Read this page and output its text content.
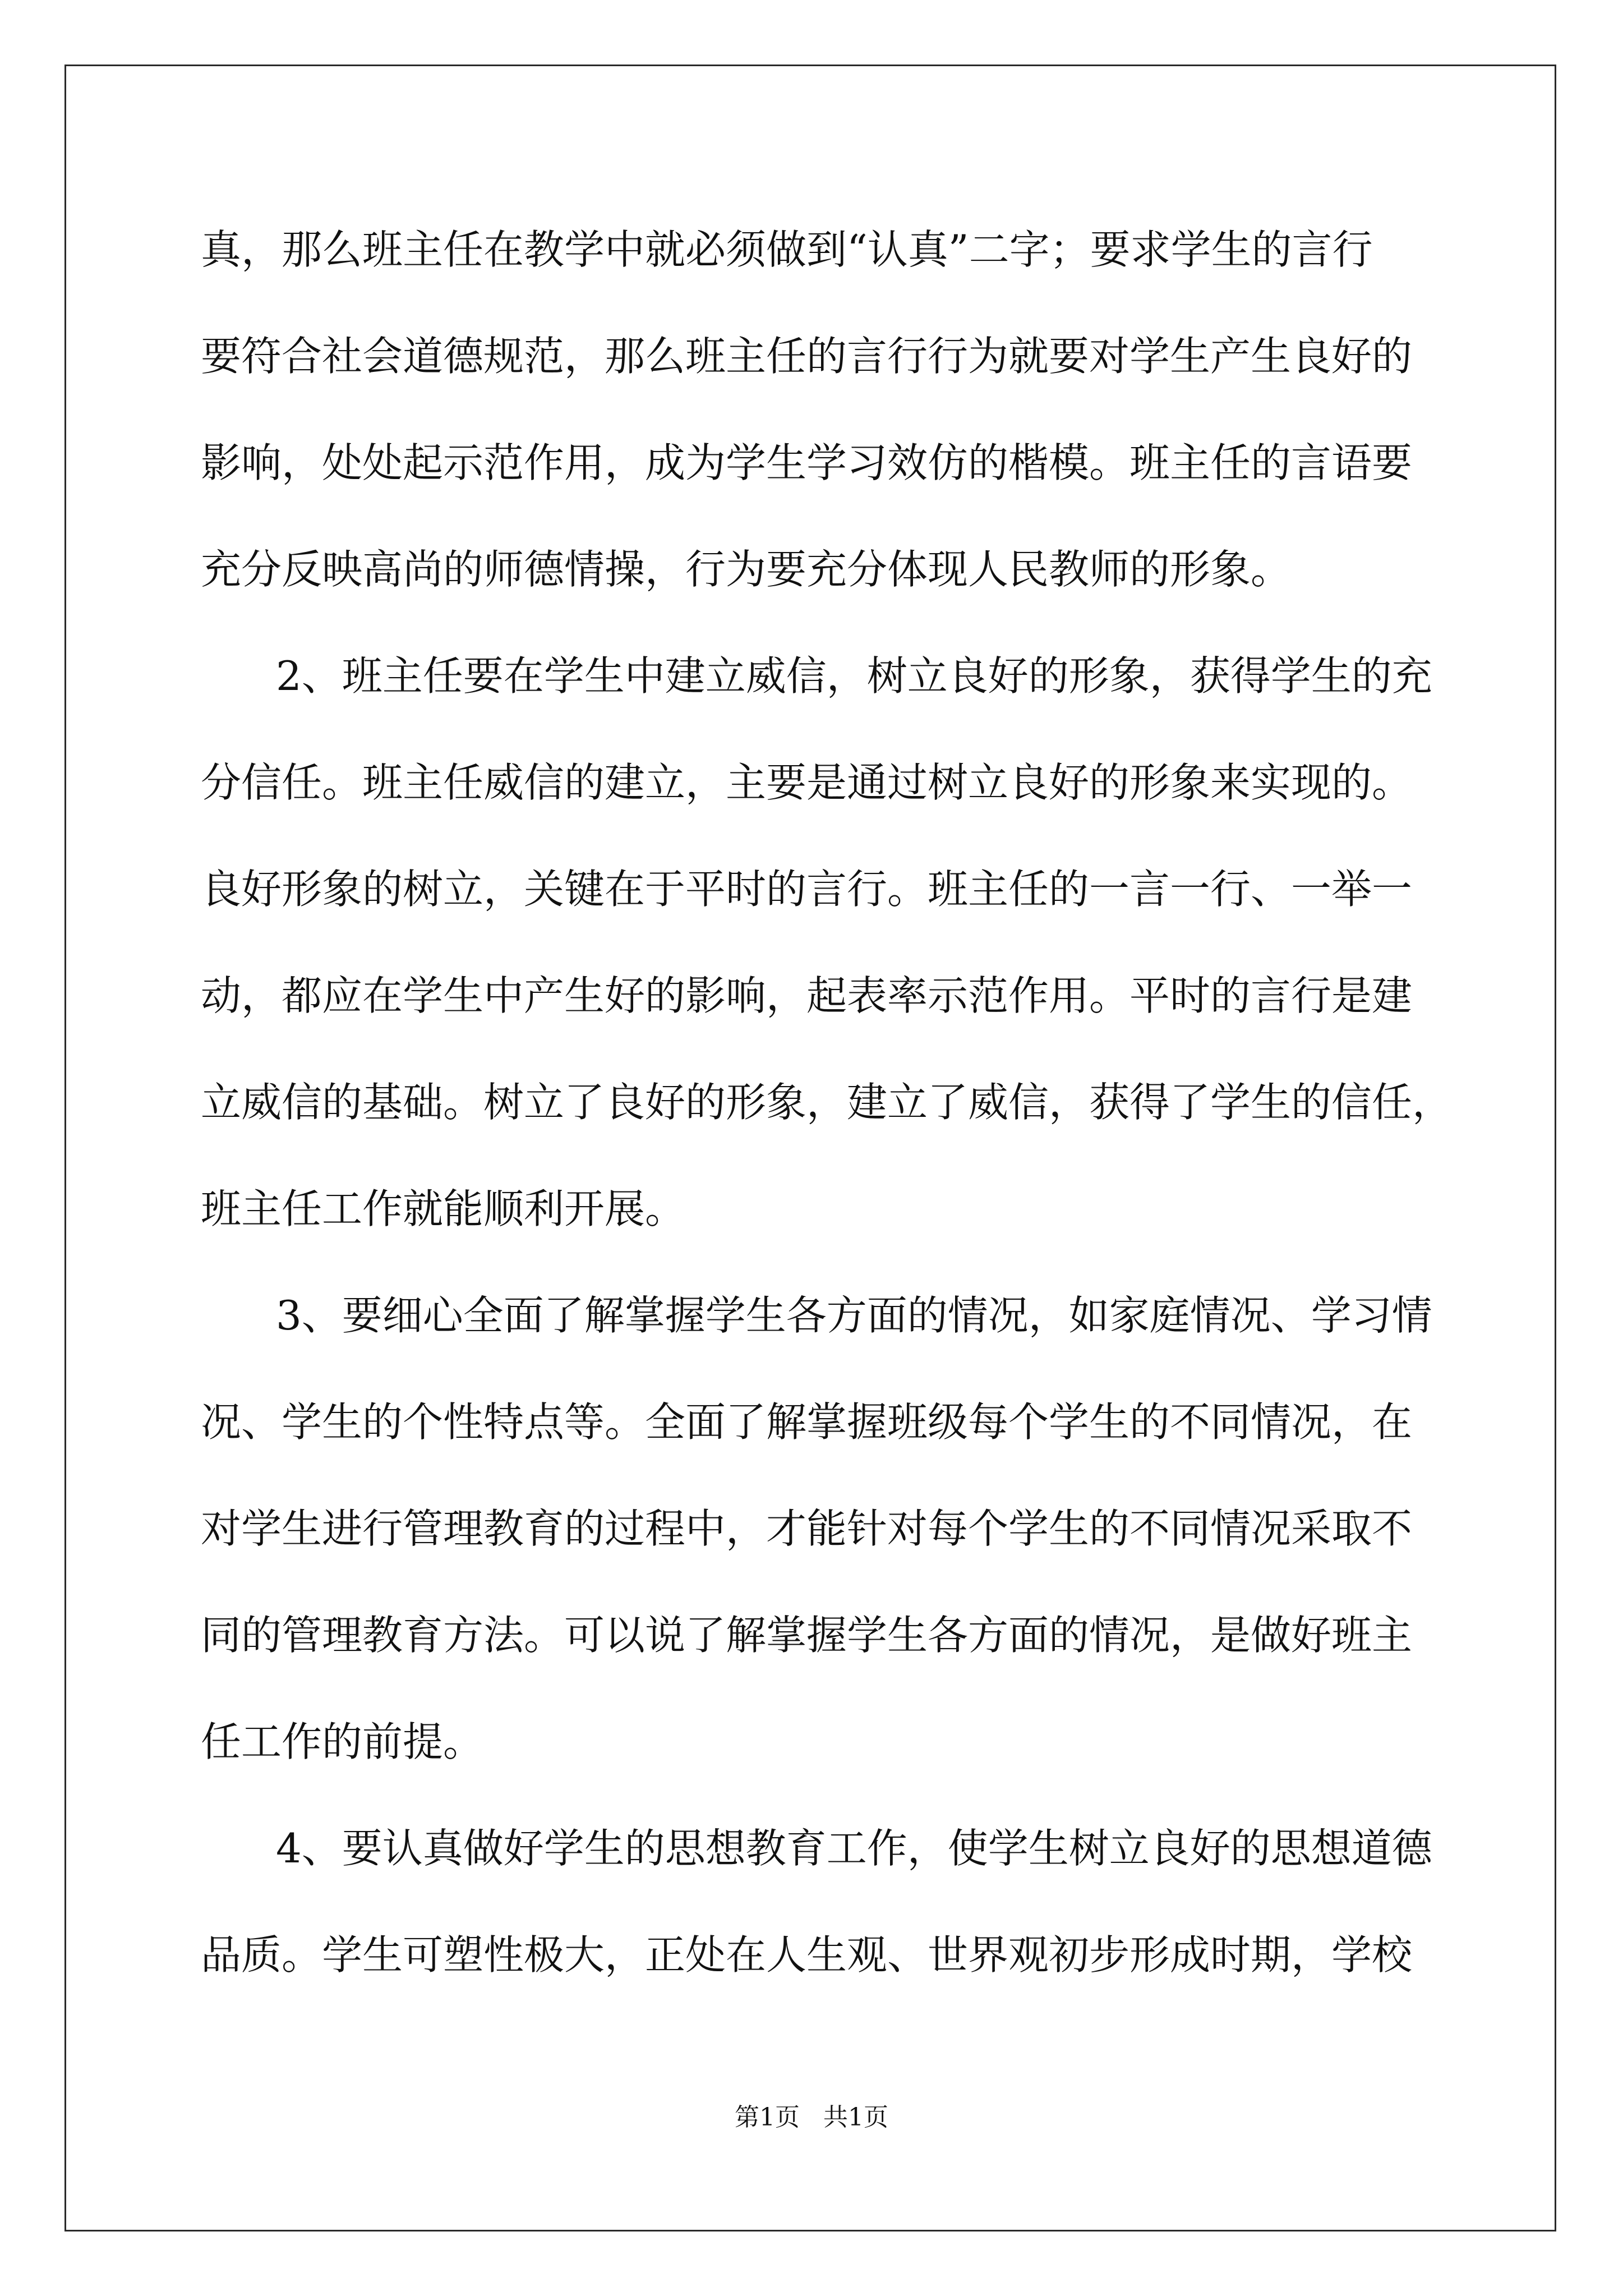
真，那么班主任在教学中就必须做到“认真”二字；要求学生的言行

要符合社会道德规范，那么班主任的言行行为就要对学生产生良好的

影响，处处起示范作用，成为学生学习效仿的楷模。班主任的言语要

充分反映高尚的师德情操，行为要充分体现人民教师的形象。

2、班主任要在学生中建立威信，树立良好的形象，获得学生的充

分信任。班主任威信的建立，主要是通过树立良好的形象来实现的。

良好形象的树立，关键在于平时的言行。班主任的一言一行、一举一

动，都应在学生中产生好的影响，起表率示范作用。平时的言行是建

立威信的基础。树立了良好的形象，建立了威信，获得了学生的信任，

班主任工作就能顺利开展。

3、要细心全面了解掌握学生各方面的情况，如家庭情况、学习情

况、学生的个性特点等。全面了解掌握班级每个学生的不同情况，在

对学生进行管理教育的过程中，才能针对每个学生的不同情况采取不

同的管理教育方法。可以说了解掌握学生各方面的情况，是做好班主

任工作的前提。

4、要认真做好学生的思想教育工作，使学生树立良好的思想道德

品质。学生可塑性极大，正处在人生观、世界观初步形成时期，学校

第1页   共1页
